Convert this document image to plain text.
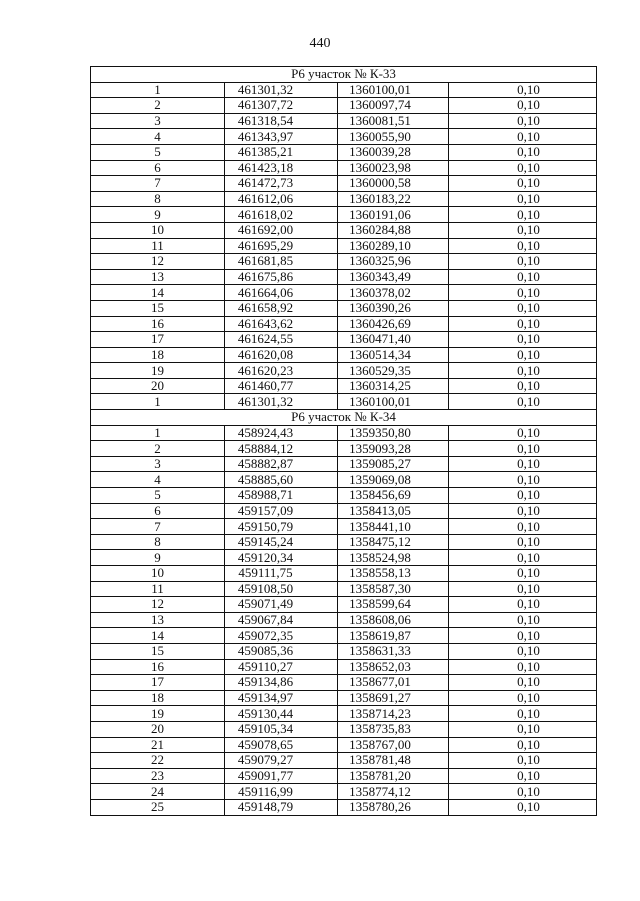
440
Р6 участок № К-33			
1	461301,32	1360100,01	0,10
2	461307,72	1360097,74	0,10
3	461318,54	1360081,51	0,10
4	461343,97	1360055,90	0,10
5	461385,21	1360039,28	0,10
6	461423,18	1360023,98	0,10
7	461472,73	1360000,58	0,10
8	461612,06	1360183,22	0,10
9	461618,02	1360191,06	0,10
10	461692,00	1360284,88	0,10
11	461695,29	1360289,10	0,10
12	461681,85	1360325,96	0,10
13	461675,86	1360343,49	0,10
14	461664,06	1360378,02	0,10
15	461658,92	1360390,26	0,10
16	461643,62	1360426,69	0,10
17	461624,55	1360471,40	0,10
18	461620,08	1360514,34	0,10
19	461620,23	1360529,35	0,10
20	461460,77	1360314,25	0,10
1	461301,32	1360100,01	0,10
Р6 участок № К-34			
1	458924,43	1359350,80	0,10
2	458884,12	1359093,28	0,10
3	458882,87	1359085,27	0,10
4	458885,60	1359069,08	0,10
5	458988,71	1358456,69	0,10
6	459157,09	1358413,05	0,10
7	459150,79	1358441,10	0,10
8	459145,24	1358475,12	0,10
9	459120,34	1358524,98	0,10
10	459111,75	1358558,13	0,10
11	459108,50	1358587,30	0,10
12	459071,49	1358599,64	0,10
13	459067,84	1358608,06	0,10
14	459072,35	1358619,87	0,10
15	459085,36	1358631,33	0,10
16	459110,27	1358652,03	0,10
17	459134,86	1358677,01	0,10
18	459134,97	1358691,27	0,10
19	459130,44	1358714,23	0,10
20	459105,34	1358735,83	0,10
21	459078,65	1358767,00	0,10
22	459079,27	1358781,48	0,10
23	459091,77	1358781,20	0,10
24	459116,99	1358774,12	0,10
25	459148,79	1358780,26	0,10
